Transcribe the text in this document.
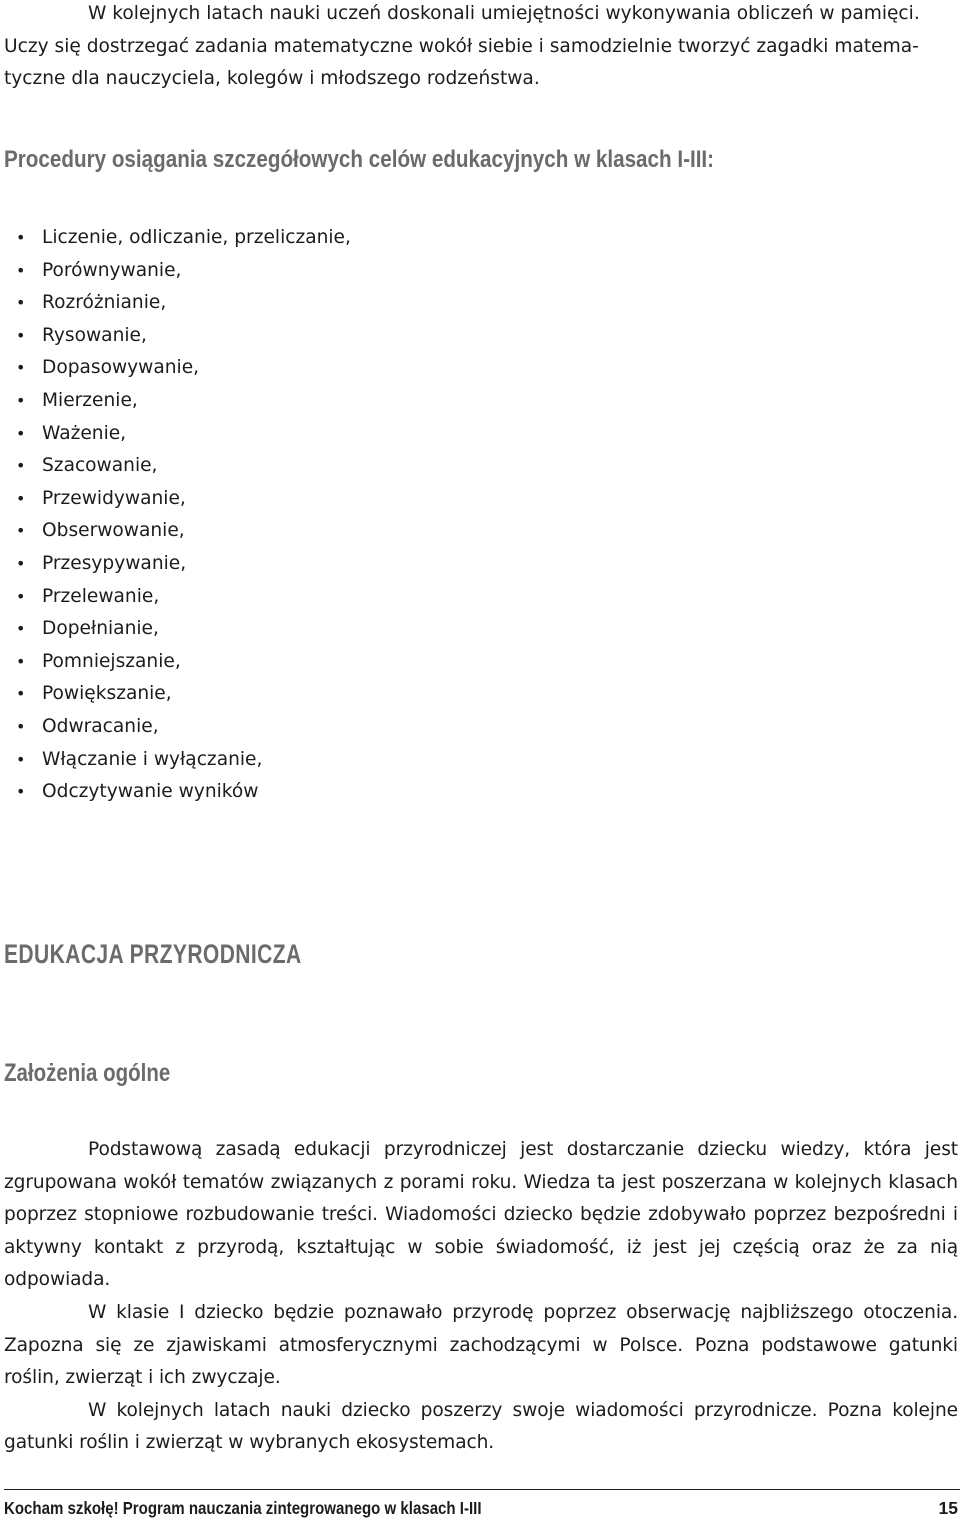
W kolejnych latach nauki uczeń doskonali umiejętności wykonywania obliczeń w pamięci.
Uczy się dostrzegać zadania matematyczne wokół siebie i samodzielnie tworzyć zagadki matema-
tyczne dla nauczyciela, kolegów i młodszego rodzeństwa.
Procedury osiągania szczegółowych celów edukacyjnych w klasach I-III:
• Liczenie, odliczanie, przeliczanie,
• Porównywanie,
• Rozróżnianie,
• Rysowanie,
• Dopasowywanie,
• Mierzenie,
• Ważenie,
• Szacowanie,
• Przewidywanie,
• Obserwowanie,
• Przesypywanie,
• Przelewanie,
• Dopełnianie,
• Pomniejszanie,
• Powiększanie,
• Odwracanie,
• Włączanie i wyłączanie,
• Odczytywanie wyników
EDUKACJA PRZYRODNICZA
Założenia ogólne

Podstawową zasadą edukacji przyrodniczej jest dostarczanie dziecku wiedzy, która jest zgrupowana wokół tematów związanych z porami roku. Wiedza ta jest poszerzana w kolejnych klasach poprzez stopniowe rozbudowanie treści. Wiadomości dziecko będzie zdobywało poprzez bezpośredni i aktywny kontakt z przyrodą, kształtując w sobie świadomość, iż jest jej częścią oraz że za nią odpowiada.

W klasie I dziecko będzie poznawało przyrodę poprzez obserwację najbliższego otoczenia. Zapozna się ze zjawiskami atmosferycznymi zachodzącymi w Polsce. Pozna podstawowe gatunki roślin, zwierząt i ich zwyczaje.

W kolejnych latach nauki dziecko poszerzy swoje wiadomości przyrodnicze. Pozna kolejne gatunki roślin i zwierząt w wybranych ekosystemach.

Kocham szkołę! Program nauczania zintegrowanego w klasach I-III	15
